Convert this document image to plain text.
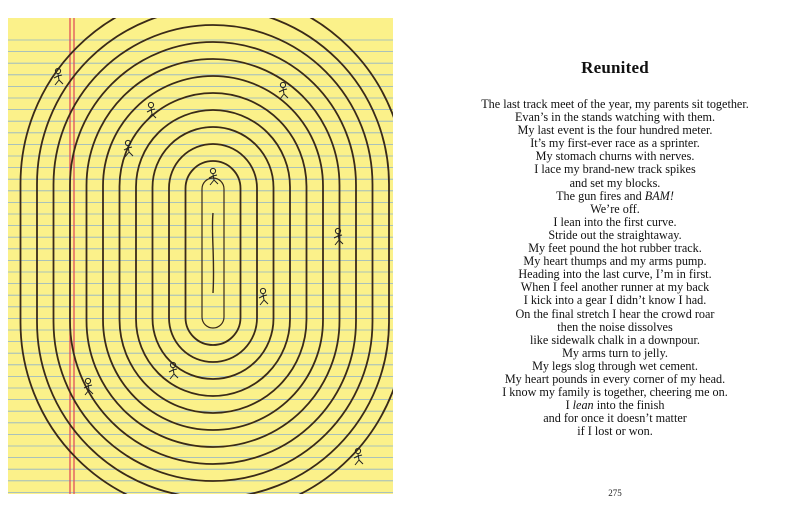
Reunited
The last track meet of the year, my parents sit together.
Evan’s in the stands watching with them.
My last event is the four hundred meter.
It’s my first-ever race as a sprinter.
My stomach churns with nerves.
I lace my brand-new track spikes
and set my blocks.
The gun fires and BAM!
We’re off.
I lean into the first curve.
Stride out the straightaway.
My feet pound the hot rubber track.
My heart thumps and my arms pump.
Heading into the last curve, I’m in first.
When I feel another runner at my back
I kick into a gear I didn’t know I had.
On the final stretch I hear the crowd roar
then the noise dissolves
like sidewalk chalk in a downpour.
My arms turn to jelly.
My legs slog through wet cement.
My heart pounds in every corner of my head.
I know my family is together, cheering me on.
I lean into the finish
and for once it doesn’t matter
if I lost or won.
275
